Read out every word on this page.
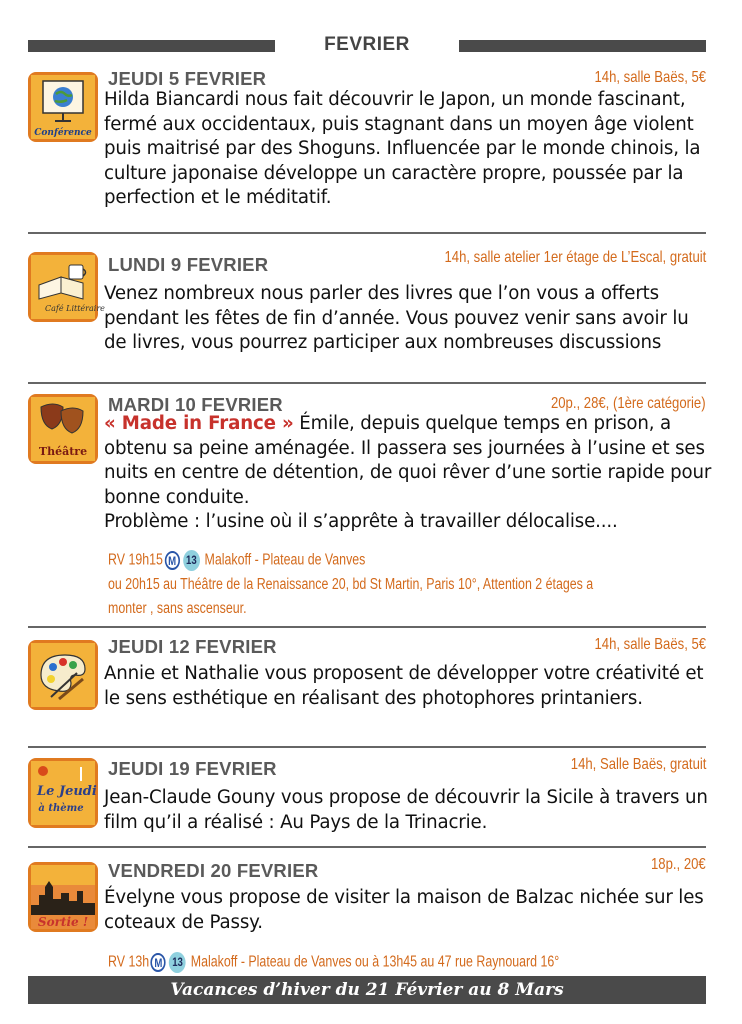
FEVRIER
Conférence
JEUDI 5 FEVRIER	14h, salle Baës, 5€
Hilda Biancardi nous fait découvrir le Japon, un monde fascinant, fermé aux occidentaux, puis stagnant dans un moyen âge violent puis maitrisé par des Shoguns. Influencée par le monde chinois, la culture japonaise développe un caractère propre, poussée par la perfection et le méditatif.
Café Littéraire
LUNDI 9 FEVRIER	14h, salle atelier 1er étage de L’Escal, gratuit
Venez nombreux nous parler des livres que l’on vous a offerts pendant les fêtes de fin d’année. Vous pouvez venir sans avoir lu de livres, vous pourrez participer aux nombreuses discussions
Théâtre
MARDI 10 FEVRIER	20p., 28€, (1ère catégorie)
« Made in France » Émile, depuis quelque temps en prison, a obtenu sa peine aménagée. Il passera ses journées à l’usine et ses nuits en centre de détention, de quoi rêver d’une sortie rapide pour bonne conduite.
Problème : l’usine où il s’apprête à travailler délocalise....
RV 19h15 M 13 Malakoff - Plateau de Vanves
ou 20h15 au Théâtre de la Renaissance 20, bd St Martin, Paris 10°, Attention 2 étages a
monter , sans ascenseur.
JEUDI 12 FEVRIER	14h, salle Baës, 5€
Annie et Nathalie vous proposent de développer votre créativité et le sens esthétique en réalisant des photophores printaniers.
Le Jeudi
à thème
JEUDI 19 FEVRIER	14h, Salle Baës, gratuit
Jean-Claude Gouny vous propose de découvrir la Sicile à travers un film qu’il a réalisé : Au Pays de la Trinacrie.
Sortie !
VENDREDI 20 FEVRIER	18p., 20€
Évelyne vous propose de visiter la maison de Balzac nichée sur les coteaux de Passy.
RV 13h M 13 Malakoff - Plateau de Vanves ou à 13h45 au 47 rue Raynouard 16°
Vacances d’hiver du 21 Février au 8 Mars
